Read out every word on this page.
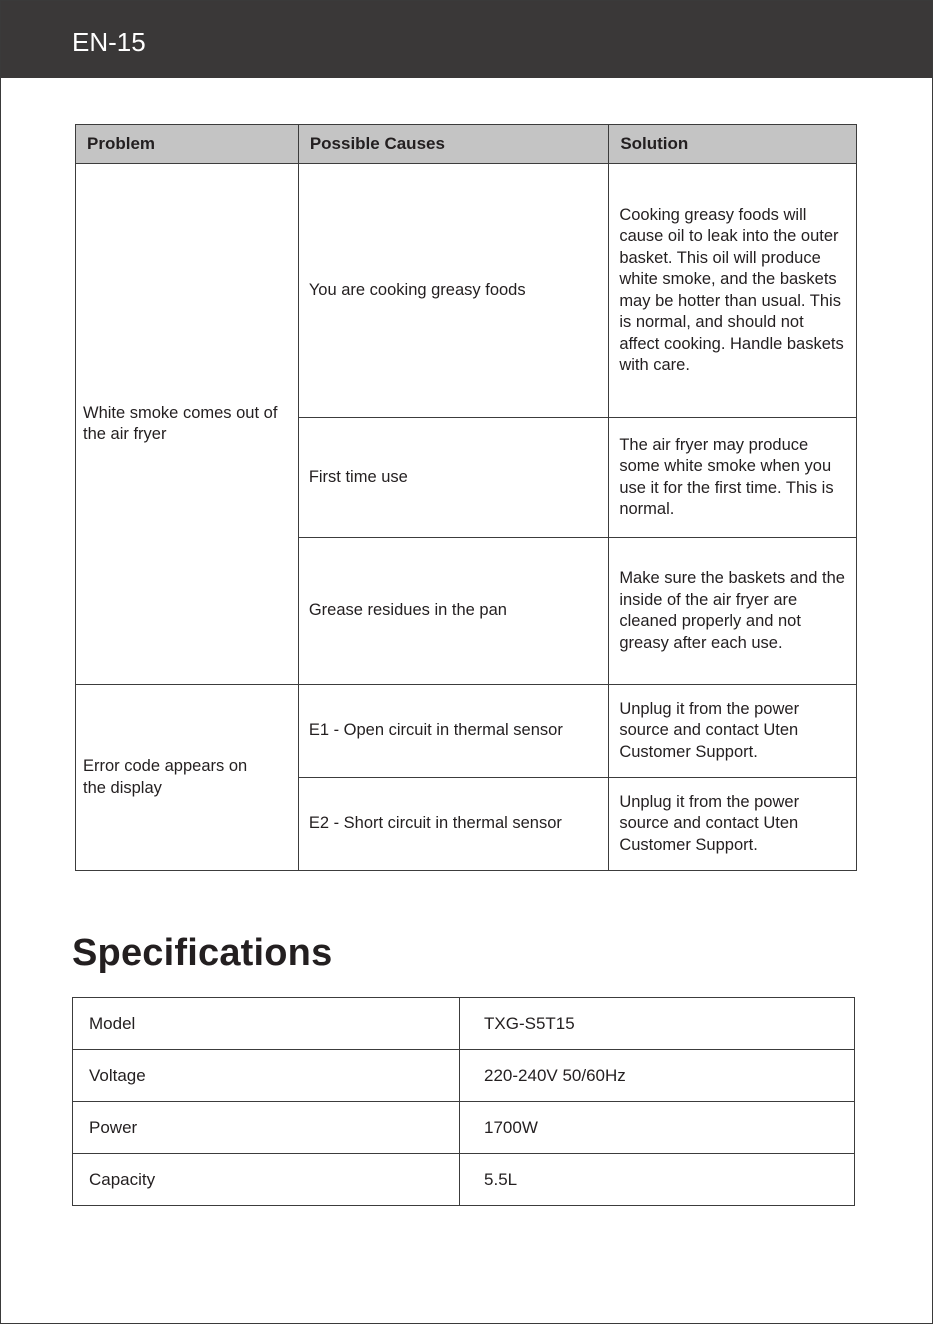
EN-15
Problem	Possible Causes	Solution
White smoke comes out of the air fryer	You are cooking greasy foods	Cooking greasy foods will cause oil to leak into the outer basket. This oil will produce white smoke, and the baskets may be hotter than usual. This is normal, and should not affect cooking. Handle baskets with care.
	First time use	The air fryer may produce some white smoke when you use it for the first time. This is normal.
	Grease residues in the pan	Make sure the baskets and the inside of the air fryer are cleaned properly and not greasy after each use.
Error code appears on the display	E1 - Open circuit in thermal sensor	Unplug it from the power source and contact Uten Customer Support.
	E2 - Short circuit in thermal sensor	Unplug it from the power source and contact Uten Customer Support.
Specifications
Model	TXG-S5T15
Voltage	220-240V 50/60Hz
Power	1700W
Capacity	5.5L
